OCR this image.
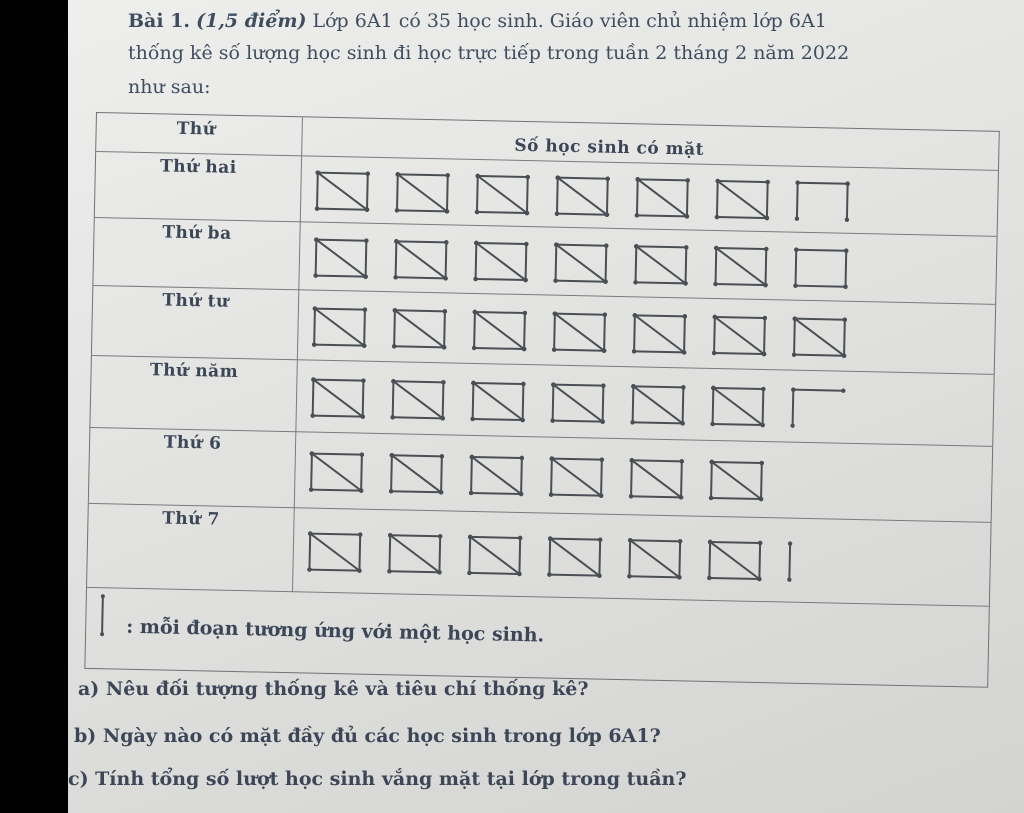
Bài 1. (1,5 điểm) Lớp 6A1 có 35 học sinh. Giáo viên chủ nhiệm lớp 6A1
thống kê số lượng học sinh đi học trực tiếp trong tuần 2 tháng 2 năm 2022
như sau:
Thứ
Số học sinh có mặt
Thứ hai
Thứ ba
Thứ tư
Thứ năm
Thứ 6
Thứ 7
: mỗi đoạn tương ứng với một học sinh.
a) Nêu đối tượng thống kê và tiêu chí thống kê?
b) Ngày nào có mặt đầy đủ các học sinh trong lớp 6A1?
c) Tính tổng số lượt học sinh vắng mặt tại lớp trong tuần?
